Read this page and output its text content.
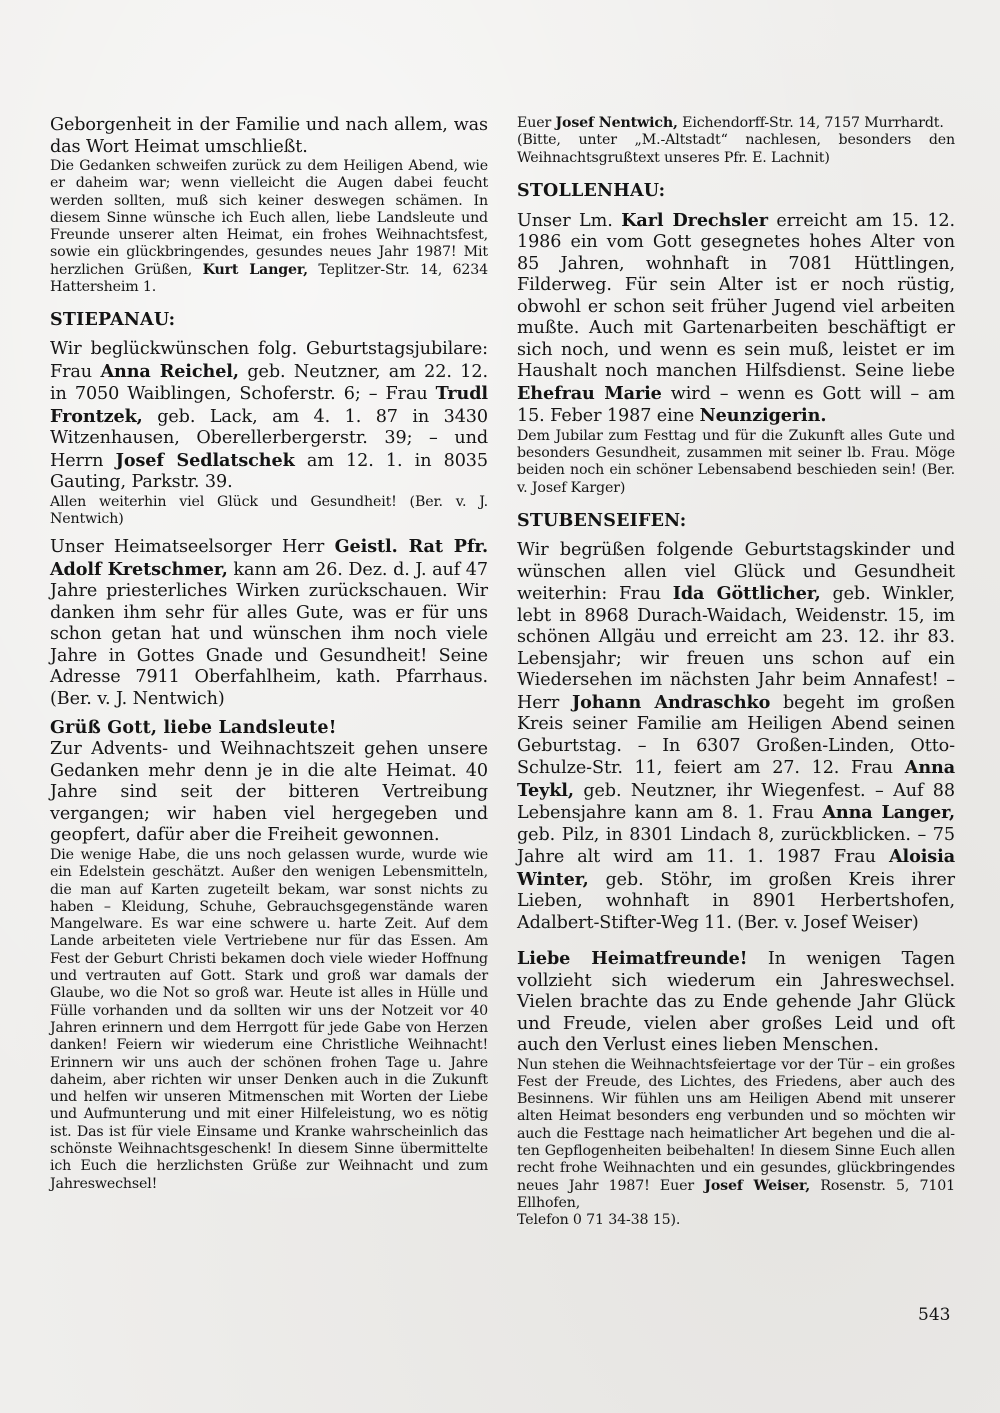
Geborgenheit in der Familie und nach allem, was das Wort Heimat umschließt.

Die Gedanken schweifen zurück zu dem Heiligen Abend, wie er daheim war; wenn vielleicht die Augen dabei feucht werden sollten, muß sich keiner deswegen schämen. In diesem Sinne wünsche ich Euch allen, liebe Landsleute und Freunde unserer alten Heimat, ein frohes Weihnachtsfest, sowie ein glückbringendes, gesundes neues Jahr 1987! Mit herzlichen Grüßen, Kurt Langer, Teplitzer-Str. 14, 6234 Hattersheim 1.

STIEPANAU:

Wir beglückwünschen folg. Geburtstagsjubilare: Frau Anna Reichel, geb. Neutzner, am 22. 12. in 7050 Waiblingen, Schoferstr. 6; – Frau Trudl Frontzek, geb. Lack, am 4. 1. 87 in 3430 Witzenhausen, Oberellerbergerstr. 39; – und Herrn Josef Sedlatschek am 12. 1. in 8035 Gauting, Parkstr. 39.

Allen weiterhin viel Glück und Gesundheit! (Ber. v. J. Nentwich)

Unser Heimatseelsorger Herr Geistl. Rat Pfr. Adolf Kretschmer, kann am 26. Dez. d. J. auf 47 Jahre priesterliches Wirken zurückschauen. Wir danken ihm sehr für alles Gute, was er für uns schon getan hat und wünschen ihm noch viele Jahre in Gottes Gnade und Gesundheit! Seine Adresse 7911 Oberfahlheim, kath. Pfarrhaus. (Ber. v. J. Nentwich)

Grüß Gott, liebe Landsleute!

Zur Advents- und Weihnachtszeit gehen unsere Gedanken mehr denn je in die alte Heimat. 40 Jahre sind seit der bitteren Vertreibung vergangen; wir haben viel hergegeben und geopfert, dafür aber die Freiheit gewonnen.

Die wenige Habe, die uns noch gelassen wurde, wurde wie ein Edelstein geschätzt. Außer den wenigen Lebensmitteln, die man auf Karten zugeteilt bekam, war sonst nichts zu haben – Kleidung, Schuhe, Gebrauchsgegenstände waren Mangelware. Es war eine schwere u. harte Zeit. Auf dem Lande arbeiteten viele Vertriebene nur für das Essen. Am Fest der Geburt Christi bekamen doch viele wieder Hoffnung und vertrauten auf Gott. Stark und groß war damals der Glaube, wo die Not so groß war. Heute ist alles in Hülle und Fülle vorhanden und da sollten wir uns der Notzeit vor 40 Jahren erinnern und dem Herrgott für jede Gabe von Herzen danken! Feiern wir wiederum eine Christliche Weihnacht! Erinnern wir uns auch der schönen frohen Tage u. Jahre daheim, aber richten wir unser Denken auch in die Zukunft und helfen wir unseren Mitmenschen mit Worten der Liebe und Aufmunterung und mit einer Hilfeleistung, wo es nötig ist. Das ist für viele Einsame und Kranke wahrscheinlich das schönste Weihnachtsgeschenk! In diesem Sinne übermittelte ich Euch die herzlichsten Grüße zur Weihnacht und zum Jahreswechsel!

Euer Josef Nentwich, Eichendorff-Str. 14, 7157 Murrhardt.

(Bitte, unter „M.-Altstadt“ nachlesen, besonders den Weihnachtsgrußtext unseres Pfr. E. Lachnit)

STOLLENHAU:

Unser Lm. Karl Drechsler erreicht am 15. 12. 1986 ein vom Gott gesegnetes hohes Alter von 85 Jahren, wohnhaft in 7081 Hüttlingen, Filderweg. Für sein Alter ist er noch rüstig, obwohl er schon seit früher Jugend viel arbeiten mußte. Auch mit Gartenarbeiten beschäftigt er sich noch, und wenn es sein muß, leistet er im Haushalt noch manchen Hilfsdienst. Seine liebe Ehefrau Marie wird – wenn es Gott will – am 15. Feber 1987 eine Neunzigerin.

Dem Jubilar zum Festtag und für die Zukunft alles Gute und besonders Gesundheit, zusammen mit seiner lb. Frau. Möge beiden noch ein schöner Lebensabend beschieden sein! (Ber. v. Josef Karger)

STUBENSEIFEN:

Wir begrüßen folgende Geburtstagskinder und wünschen allen viel Glück und Gesundheit weiterhin: Frau Ida Göttlicher, geb. Winkler, lebt in 8968 Durach-Waidach, Weidenstr. 15, im schönen Allgäu und erreicht am 23. 12. ihr 83. Lebensjahr; wir freuen uns schon auf ein Wiedersehen im nächsten Jahr beim Annafest! – Herr Johann Andraschko begeht im großen Kreis seiner Familie am Heiligen Abend seinen Geburtstag. – In 6307 Großen-Linden, Otto-Schulze-Str. 11, feiert am 27. 12. Frau Anna Teykl, geb. Neutzner, ihr Wiegenfest. – Auf 88 Lebensjahre kann am 8. 1. Frau Anna Langer, geb. Pilz, in 8301 Lindach 8, zurückblicken. – 75 Jahre alt wird am 11. 1. 1987 Frau Aloisia Winter, geb. Stöhr, im großen Kreis ihrer Lieben, wohnhaft in 8901 Herbertshofen, Adalbert-Stifter-Weg 11. (Ber. v. Josef Weiser)

Liebe Heimatfreunde! In wenigen Tagen vollzieht sich wiederum ein Jahreswechsel. Vielen brachte das zu Ende gehende Jahr Glück und Freude, vielen aber großes Leid und oft auch den Verlust eines lieben Menschen.

Nun stehen die Weihnachtsfeiertage vor der Tür – ein großes Fest der Freude, des Lichtes, des Friedens, aber auch des Besinnens. Wir fühlen uns am Heiligen Abend mit unserer alten Heimat besonders eng verbunden und so möchten wir auch die Festtage nach heimatlicher Art begehen und die alten Gepflogenheiten beibehalten! In diesem Sinne Euch allen recht frohe Weihnachten und ein gesundes, glückbringendes neues Jahr 1987! Euer Josef Weiser, Rosenstr. 5, 7101 Ellhofen,

Telefon 0 71 34-38 15).

543
